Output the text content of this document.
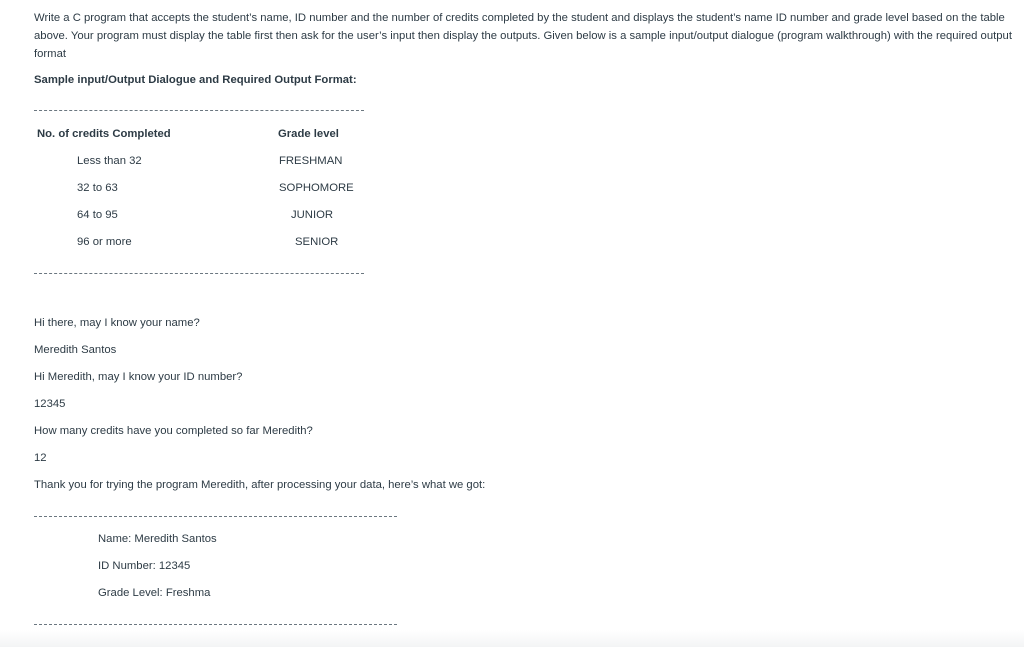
Write a C program that accepts the student’s name, ID number and the number of credits completed by the student and displays the student’s name ID number and grade level based on the table above. Your program must display the table first then ask for the user’s input then display the outputs. Given below is a sample input/output dialogue (program walkthrough) with the required output format

Sample input/Output Dialogue and Required Output Format:
No. of credits Completed	Grade level
Less than 32	FRESHMAN
32 to 63	SOPHOMORE
64 to 95	JUNIOR
96 or more	SENIOR
Hi there, may I know your name?
Meredith Santos
Hi Meredith, may I know your ID number?
12345
How many credits have you completed so far Meredith?
12
Thank you for trying the program Meredith, after processing your data, here’s what we got:
Name: Meredith Santos
ID Number: 12345
Grade Level: Freshma
